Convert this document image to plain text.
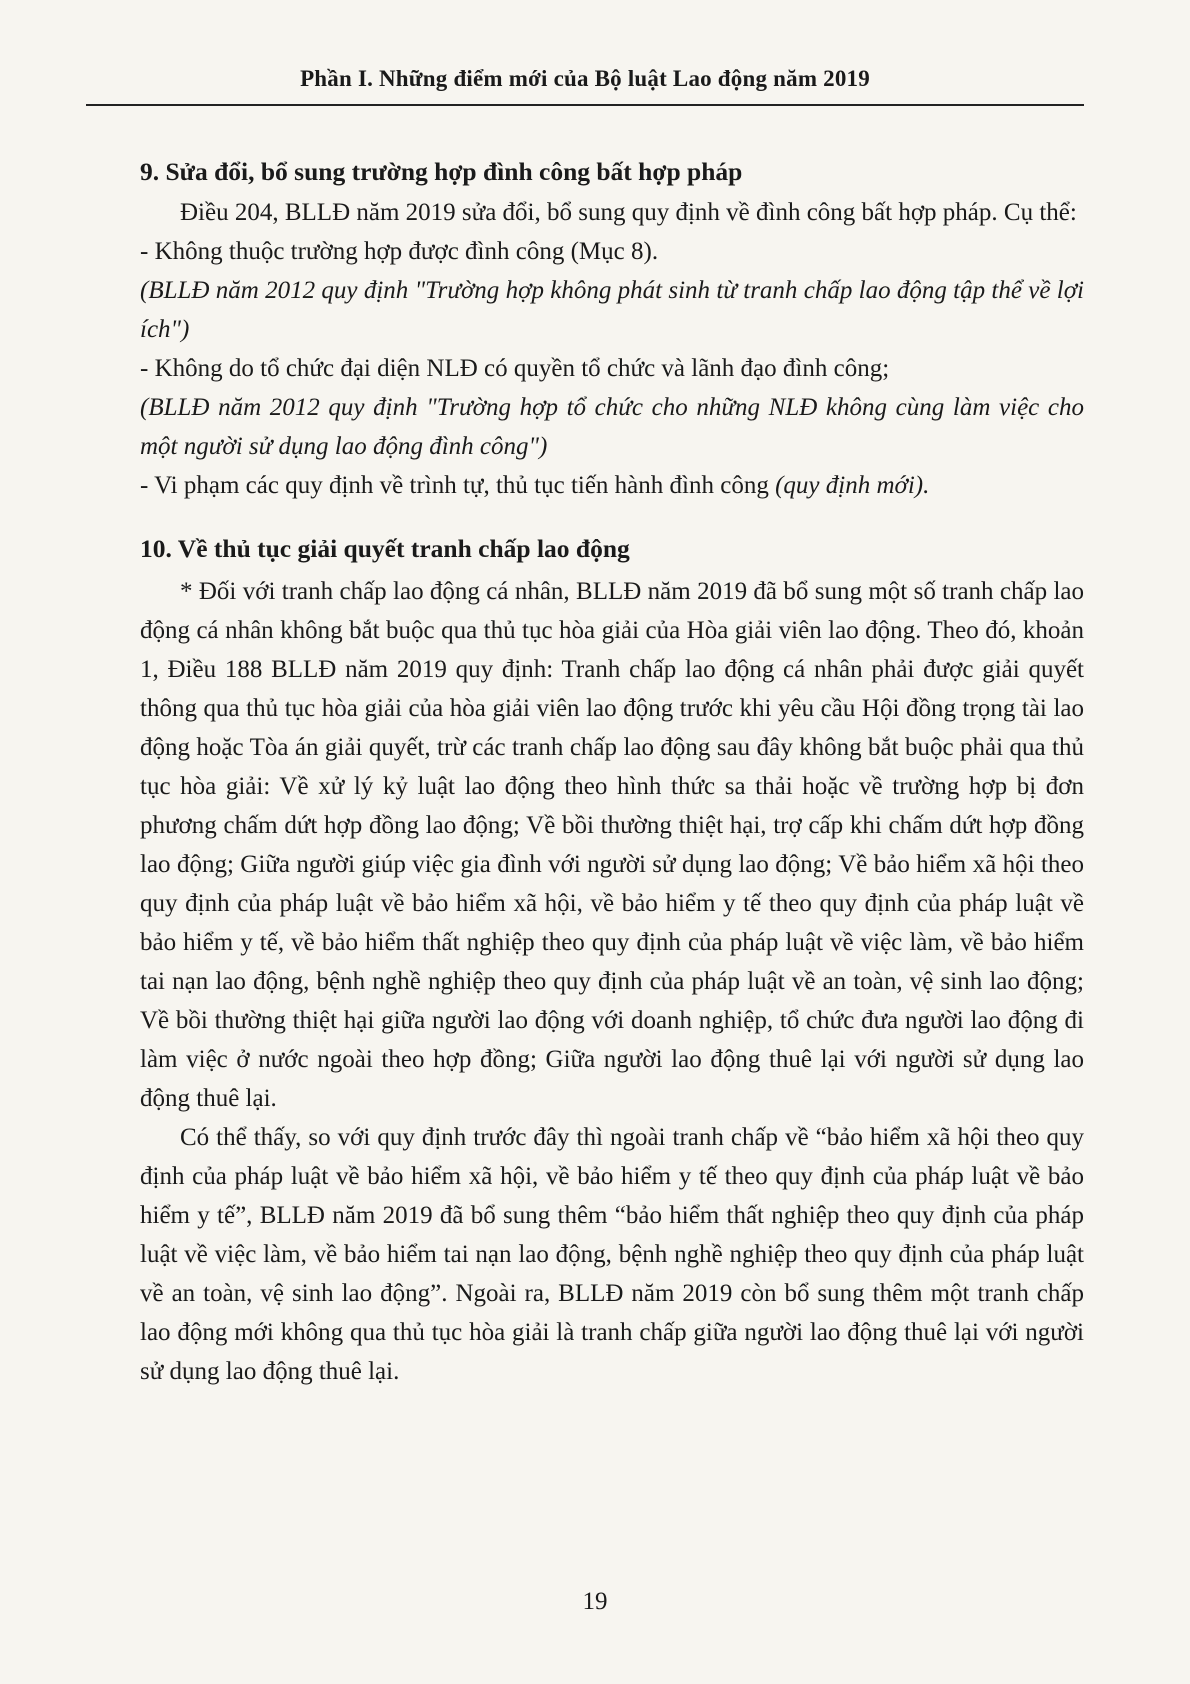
Phần I. Những điểm mới của Bộ luật Lao động năm 2019
9. Sửa đổi, bổ sung trường hợp đình công bất hợp pháp

Điều 204, BLLĐ năm 2019 sửa đổi, bổ sung quy định về đình công bất hợp pháp. Cụ thể:

- Không thuộc trường hợp được đình công (Mục 8).

(BLLĐ năm 2012 quy định "Trường hợp không phát sinh từ tranh chấp lao động tập thể về lợi ích")

- Không do tổ chức đại diện NLĐ có quyền tổ chức và lãnh đạo đình công;

(BLLĐ năm 2012 quy định "Trường hợp tổ chức cho những NLĐ không cùng làm việc cho một người sử dụng lao động đình công")

- Vi phạm các quy định về trình tự, thủ tục tiến hành đình công (quy định mới).

10. Về thủ tục giải quyết tranh chấp lao động

* Đối với tranh chấp lao động cá nhân, BLLĐ năm 2019 đã bổ sung một số tranh chấp lao động cá nhân không bắt buộc qua thủ tục hòa giải của Hòa giải viên lao động. Theo đó, khoản 1, Điều 188 BLLĐ năm 2019 quy định: Tranh chấp lao động cá nhân phải được giải quyết thông qua thủ tục hòa giải của hòa giải viên lao động trước khi yêu cầu Hội đồng trọng tài lao động hoặc Tòa án giải quyết, trừ các tranh chấp lao động sau đây không bắt buộc phải qua thủ tục hòa giải: Về xử lý kỷ luật lao động theo hình thức sa thải hoặc về trường hợp bị đơn phương chấm dứt hợp đồng lao động; Về bồi thường thiệt hại, trợ cấp khi chấm dứt hợp đồng lao động; Giữa người giúp việc gia đình với người sử dụng lao động; Về bảo hiểm xã hội theo quy định của pháp luật về bảo hiểm xã hội, về bảo hiểm y tế theo quy định của pháp luật về bảo hiểm y tế, về bảo hiểm thất nghiệp theo quy định của pháp luật về việc làm, về bảo hiểm tai nạn lao động, bệnh nghề nghiệp theo quy định của pháp luật về an toàn, vệ sinh lao động; Về bồi thường thiệt hại giữa người lao động với doanh nghiệp, tổ chức đưa người lao động đi làm việc ở nước ngoài theo hợp đồng; Giữa người lao động thuê lại với người sử dụng lao động thuê lại.

Có thể thấy, so với quy định trước đây thì ngoài tranh chấp về “bảo hiểm xã hội theo quy định của pháp luật về bảo hiểm xã hội, về bảo hiểm y tế theo quy định của pháp luật về bảo hiểm y tế”, BLLĐ năm 2019 đã bổ sung thêm “bảo hiểm thất nghiệp theo quy định của pháp luật về việc làm, về bảo hiểm tai nạn lao động, bệnh nghề nghiệp theo quy định của pháp luật về an toàn, vệ sinh lao động”. Ngoài ra, BLLĐ năm 2019 còn bổ sung thêm một tranh chấp lao động mới không qua thủ tục hòa giải là tranh chấp giữa người lao động thuê lại với người sử dụng lao động thuê lại.

19
